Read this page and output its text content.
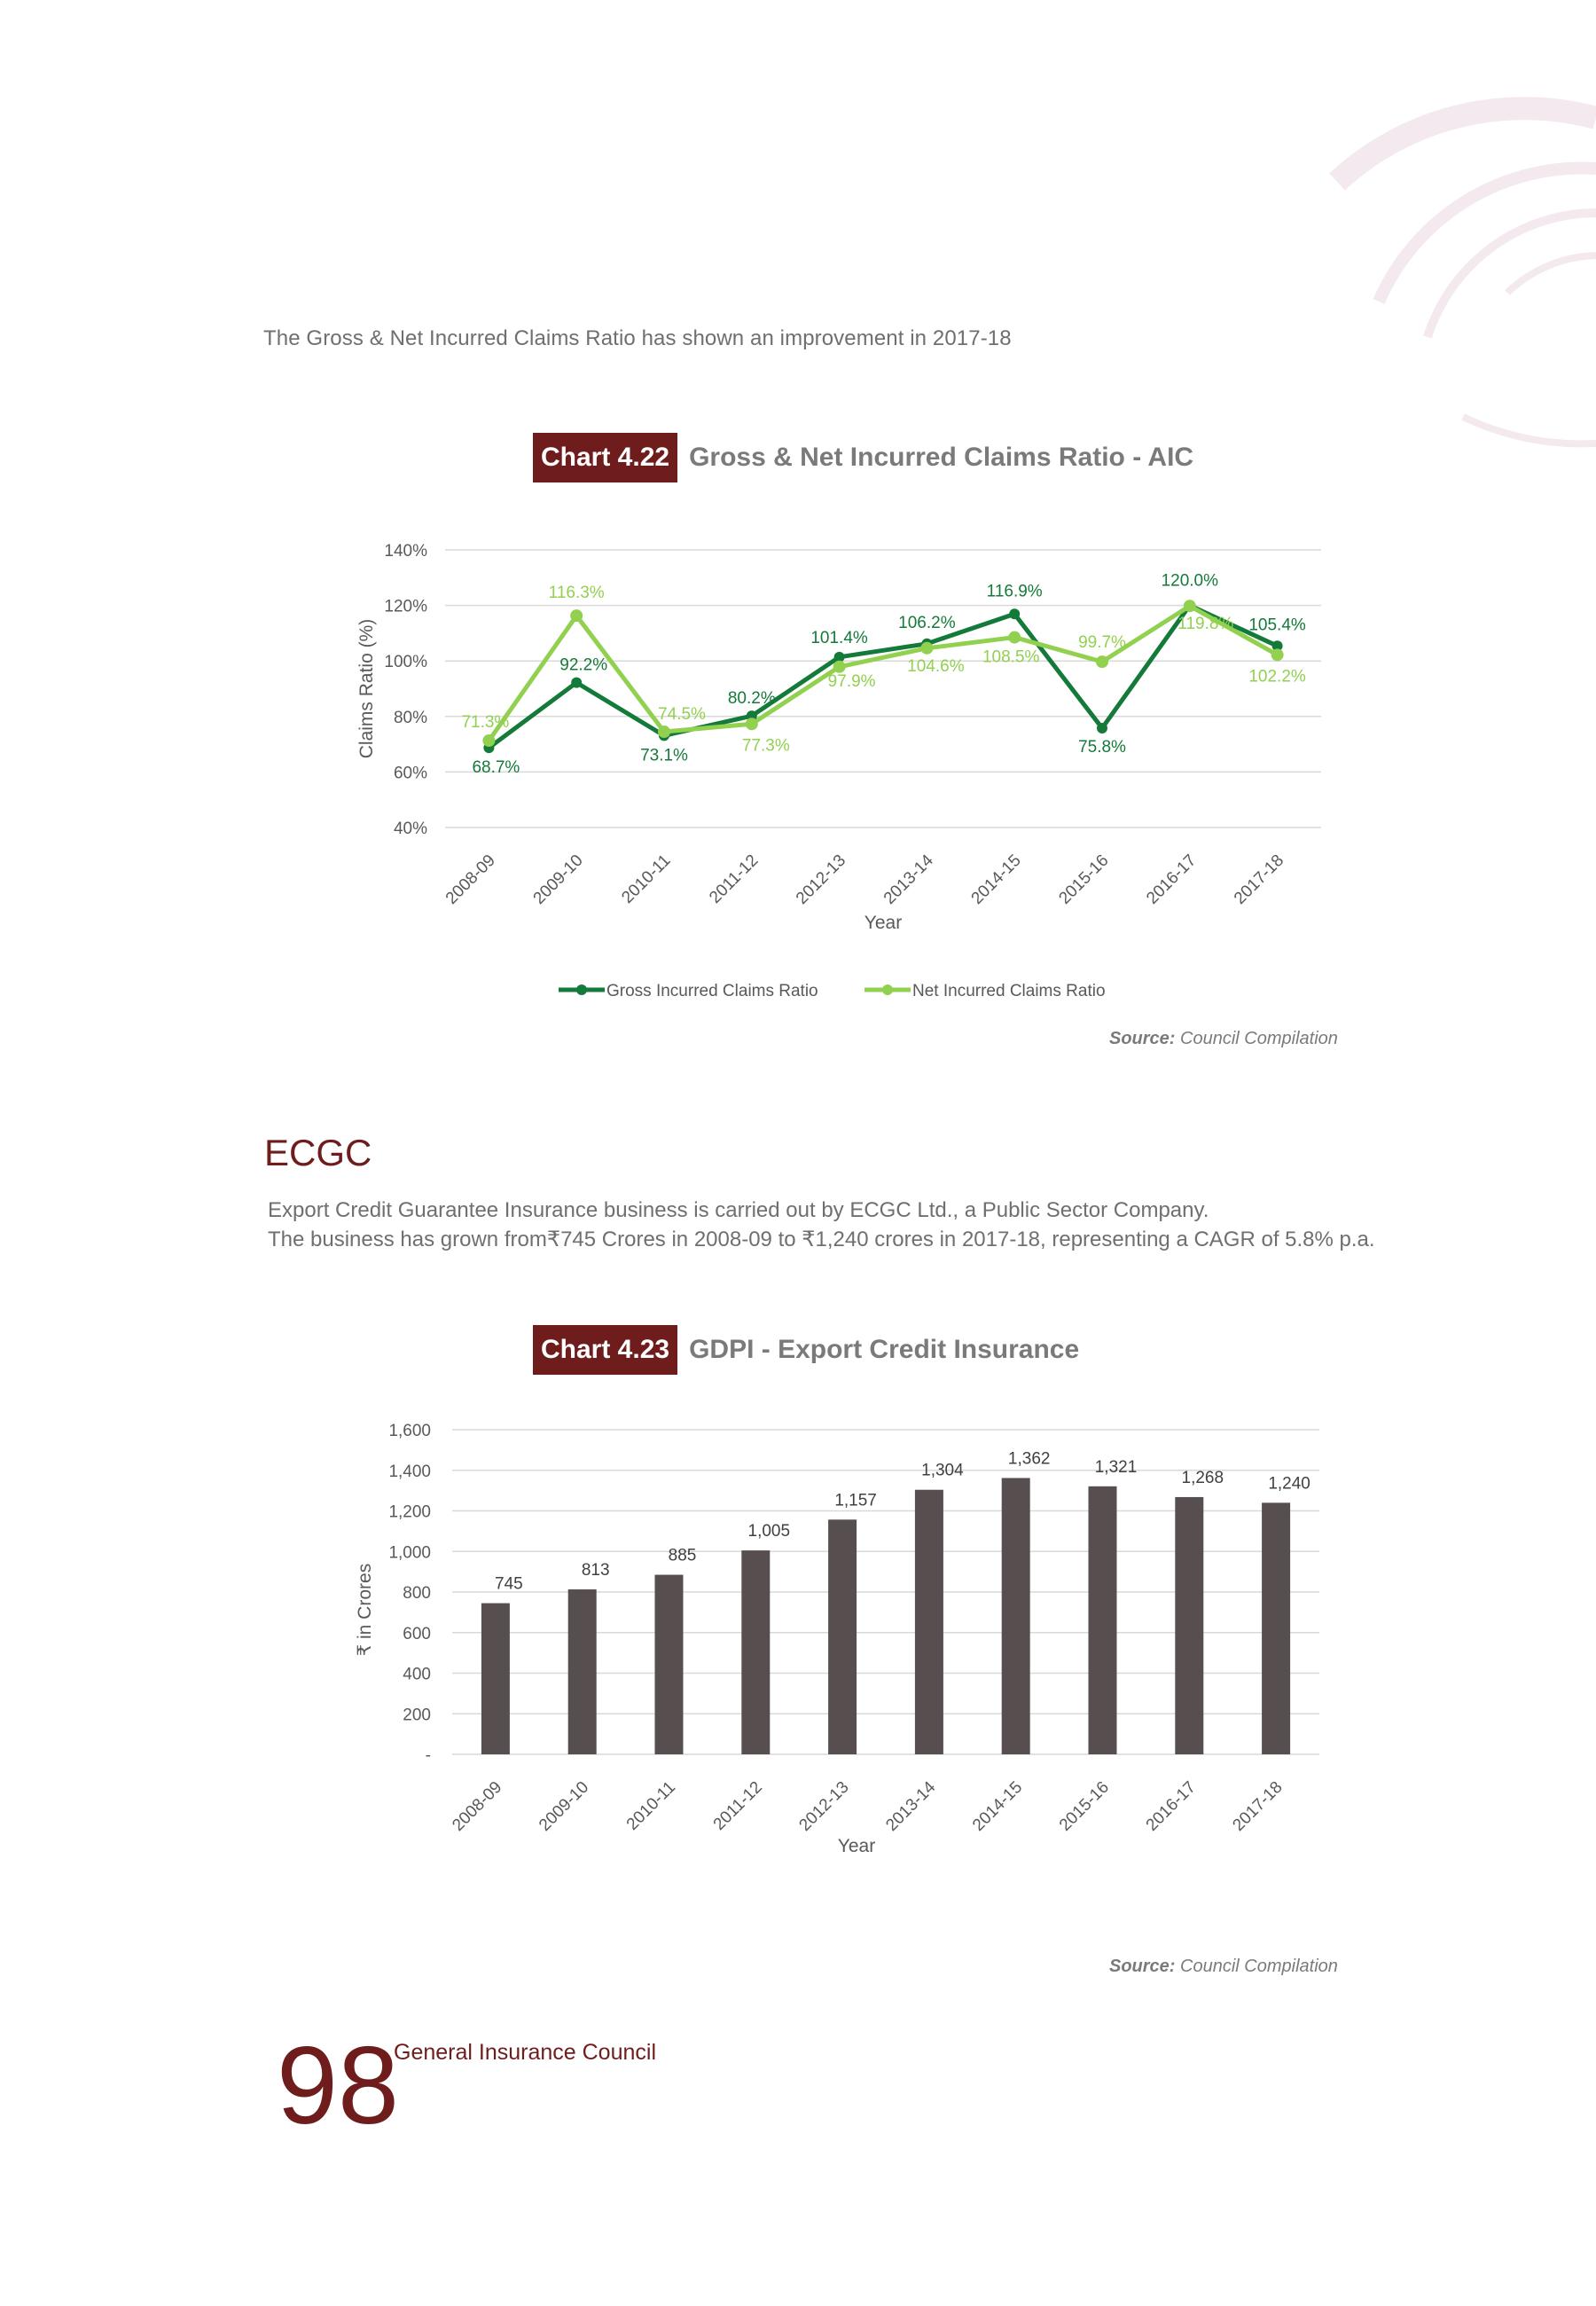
The Gross & Net Incurred Claims Ratio has shown an improvement in 2017-18
Chart 4.22 Gross & Net Incurred Claims Ratio - AIC
40%
60%
80%
100%
120%
140%
Claims Ratio (%)
2008-09 2009-10 2010-11 2011-12 2012-13 2013-14 2014-15 2015-16 2016-17 2017-18
Year
68.7%
92.2%
73.1%
80.2%
101.4%
106.2%
116.9%
75.8%
120.0%
105.4%
71.3%
116.3%
74.5%
77.3%
97.9%
104.6% 108.5%
99.7%
119.8%
102.2%
Gross Incurred Claims Ratio	Net Incurred Claims Ratio
Source: Council Compilation
ECGC
Export Credit Guarantee Insurance business is carried out by ECGC Ltd., a Public Sector Company.
The business has grown from₹745 Crores in 2008-09 to ₹1,240 crores in 2017-18, representing a CAGR of 5.8% p.a.
Chart 4.23 GDPI - Export Credit Insurance
-
200
400
600
800
1,000
1,200
1,400
1,600
₹ in Crores	745
813
885
1,005
1,157
1,304
1,362	1,321
1,268	1,240
2008-09 2009-10 2010-11 2011-12 2012-13 2013-14 2014-15 2015-16 2016-17 2017-18
Year
Source: Council Compilation
98
General Insurance Council
